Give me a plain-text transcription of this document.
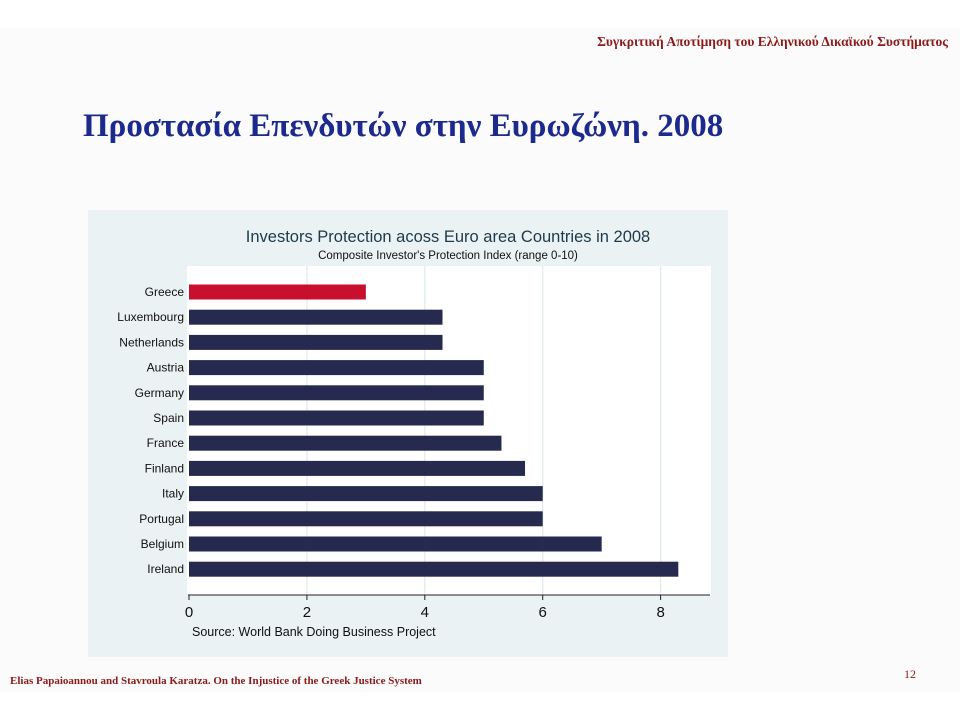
Συγκριτική Αποτίμηση του Ελληνικού Δικαϊκού Συστήματος
Προστασία Επενδυτών στην Ευρωζώνη. 2008
Investors Protection acoss Euro area Countries in 2008
Composite Investor's Protection Index (range 0-10)
Greece
Luxembourg
Netherlands
Austria
Germany
Spain
France
Finland
Italy
Portugal
Belgium
Ireland
0	2	4	6	8
Source: World Bank Doing Business Project
Elias Papaioannou and Stavroula Karatza. On the Injustice of the Greek Justice System	12
